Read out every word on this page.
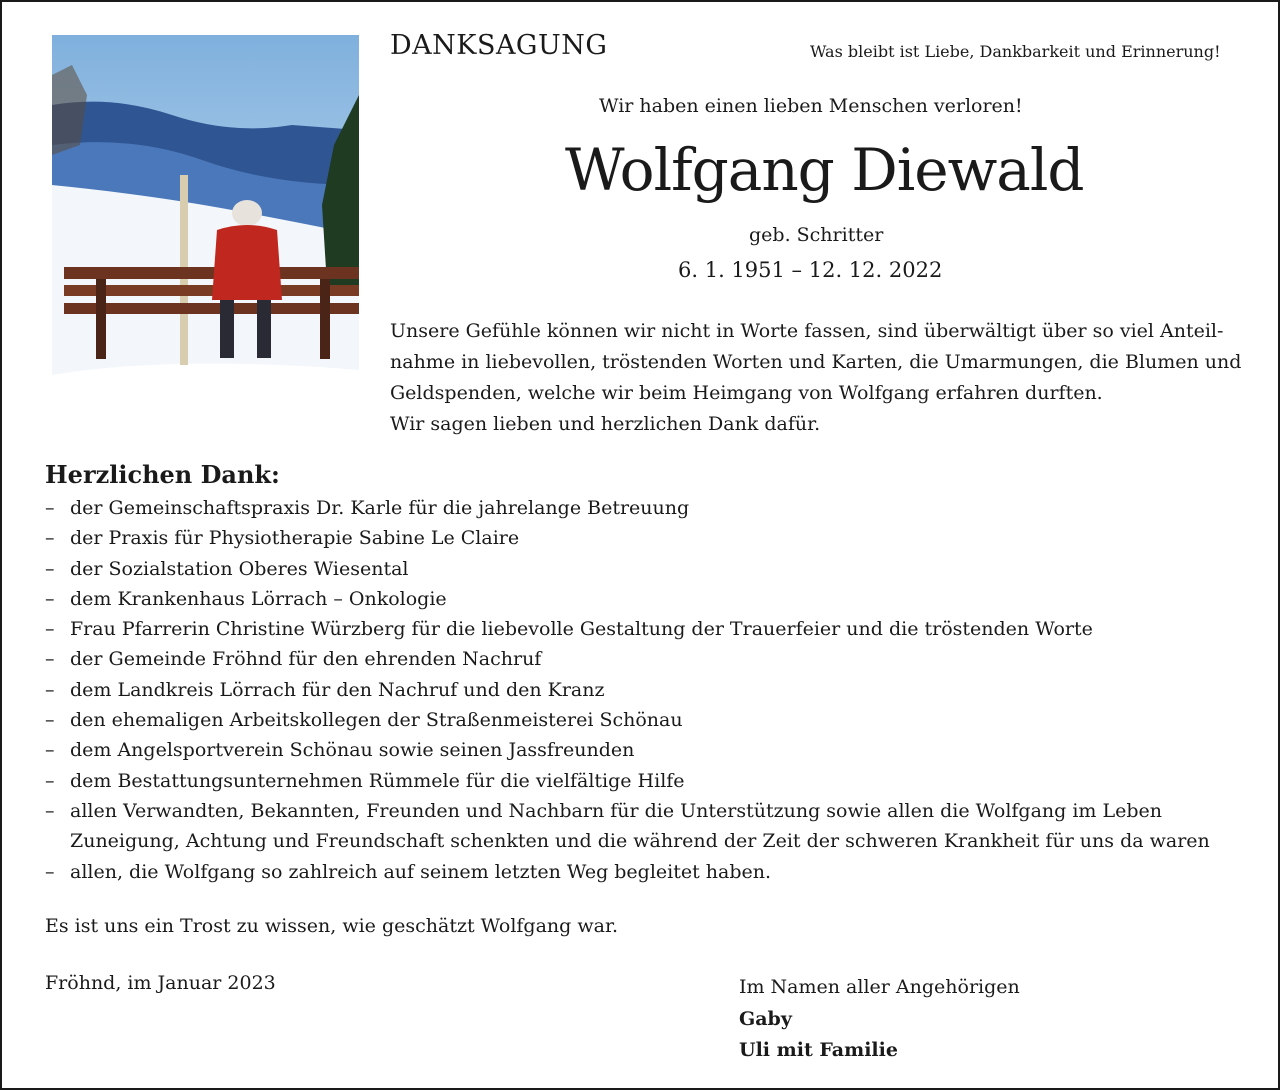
DANKSAGUNG	Was bleibt ist Liebe, Dankbarkeit und Erinnerung!
Wir haben einen lieben Menschen verloren!
Wolfgang Diewald
geb. Schritter
6. 1. 1951 – 12. 12. 2022
Unsere Gefühle können wir nicht in Worte fassen, sind überwältigt über so viel Anteil-
nahme in liebevollen, tröstenden Worten und Karten, die Umarmungen, die Blumen und
Geldspenden, welche wir beim Heimgang von Wolfgang erfahren durften.
Wir sagen lieben und herzlichen Dank dafür.
Herzlichen Dank:
– der Gemeinschaftspraxis Dr. Karle für die jahrelange Betreuung
– der Praxis für Physiotherapie Sabine Le Claire
– der Sozialstation Oberes Wiesental
– dem Krankenhaus Lörrach – Onkologie
– Frau Pfarrerin Christine Würzberg für die liebevolle Gestaltung der Trauerfeier und die tröstenden Worte
– der Gemeinde Fröhnd für den ehrenden Nachruf
– dem Landkreis Lörrach für den Nachruf und den Kranz
– den ehemaligen Arbeitskollegen der Straßenmeisterei Schönau
– dem Angelsportverein Schönau sowie seinen Jassfreunden
– dem Bestattungsunternehmen Rümmele für die vielfältige Hilfe
– allen Verwandten, Bekannten, Freunden und Nachbarn für die Unterstützung sowie allen die Wolfgang im Leben
Zuneigung, Achtung und Freundschaft schenkten und die während der Zeit der schweren Krankheit für uns da waren
– allen, die Wolfgang so zahlreich auf seinem letzten Weg begleitet haben.
Es ist uns ein Trost zu wissen, wie geschätzt Wolfgang war.
Fröhnd, im Januar 2023	Im Namen aller Angehörigen
Gaby
Uli mit Familie
